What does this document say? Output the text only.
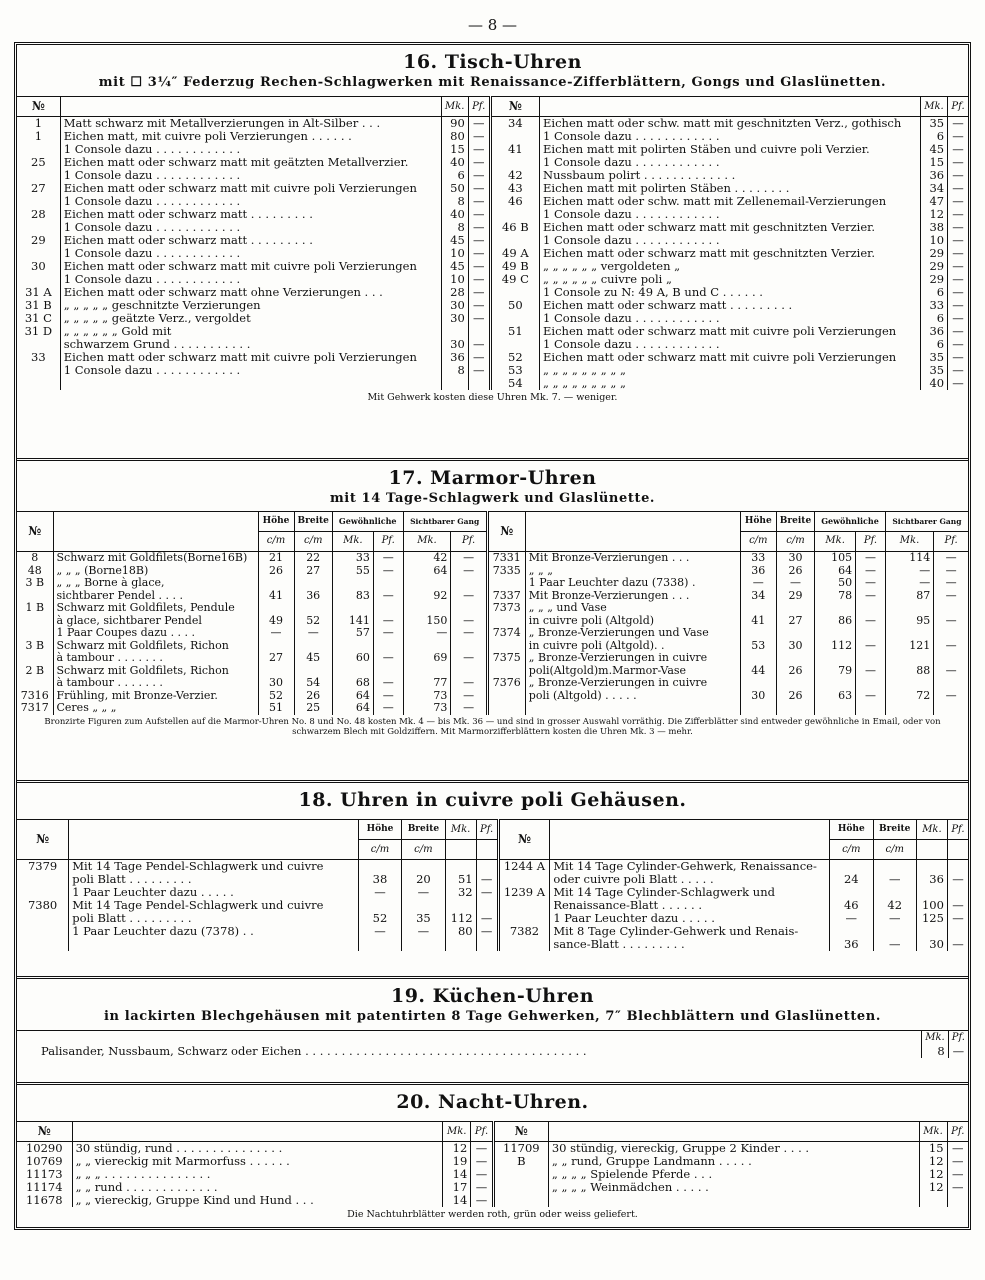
— 8 —
16. Tisch-Uhren
mit ☐ 3¼″ Federzug Rechen-Schlagwerken mit Renaissance-Zifferblättern, Gongs und Glaslünetten.
№		Mk.	Pf.	№		Mk.	Pf.
1	Matt schwarz mit Metallverzierungen in Alt-Silber . . .	90	—	34	Eichen matt oder schw. matt mit geschnitzten Verz., gothisch	35	—
1	Eichen matt, mit cuivre poli Verzierungen . . . . . .	80	—		1 Console dazu . . . . . . . . . . . .	6	—
	1 Console dazu . . . . . . . . . . . .	15	—	41	Eichen matt mit polirten Stäben und cuivre poli Verzier.	45	—
25	Eichen matt oder schwarz matt mit geätzten Metallverzier.	40	—		1 Console dazu . . . . . . . . . . . .	15	—
	1 Console dazu . . . . . . . . . . . .	6	—	42	Nussbaum polirt . . . . . . . . . . . . .	36	—
27	Eichen matt oder schwarz matt mit cuivre poli Verzierungen	50	—	43	Eichen matt mit polirten Stäben . . . . . . . .	34	—
	1 Console dazu . . . . . . . . . . . .	8	—	46	Eichen matt oder schw. matt mit Zellenemail-Verzierungen	47	—
28	Eichen matt oder schwarz matt . . . . . . . . .	40	—		1 Console dazu . . . . . . . . . . . .	12	—
	1 Console dazu . . . . . . . . . . . .	8	—	46 B	Eichen matt oder schwarz matt mit geschnitzten Verzier.	38	—
29	Eichen matt oder schwarz matt . . . . . . . . .	45	—		1 Console dazu . . . . . . . . . . . .	10	—
	1 Console dazu . . . . . . . . . . . .	10	—	49 A	Eichen matt oder schwarz matt mit geschnitzten Verzier.	29	—
30	Eichen matt oder schwarz matt mit cuivre poli Verzierungen	45	—	49 B	„ „ „ „ „ „ vergoldeten „	29	—
	1 Console dazu . . . . . . . . . . . .	10	—	49 C	„ „ „ „ „ „ cuivre poli „	29	—
31 A	Eichen matt oder schwarz matt ohne Verzierungen . . .	28	—		1 Console zu N: 49 A, B und C . . . . . .	6	—
31 B	„ „ „ „ „ geschnitzte Verzierungen	30	—	50	Eichen matt oder schwarz matt . . . . . . . . .	33	—
31 C	„ „ „ „ „ geätzte Verz., vergoldet	30	—		1 Console dazu . . . . . . . . . . . .	6	—
31 D	„ „ „ „ „ „ Gold mit			51	Eichen matt oder schwarz matt mit cuivre poli Verzierungen	36	—
	schwarzem Grund . . . . . . . . . . .	30	—		1 Console dazu . . . . . . . . . . . .	6	—
33	Eichen matt oder schwarz matt mit cuivre poli Verzierungen	36	—	52	Eichen matt oder schwarz matt mit cuivre poli Verzierungen	35	—
	1 Console dazu . . . . . . . . . . . .	8	—	53	„ „ „ „ „ „ „ „ „	35	—
				54	„ „ „ „ „ „ „ „ „	40	—
Mit Gehwerk kosten diese Uhren Mk. 7. — weniger.
17. Marmor-Uhren
mit 14 Tage-Schlagwerk und Glaslünette.
№		Höhe	Breite	Gewöhnliche		Sichtbarer Gang		№		Höhe	Breite	Gewöhnliche		Sichtbarer Gang	
		c/m	c/m	Mk.	Pf.	Mk.	Pf.			c/m	c/m	Mk.	Pf.	Mk.	Pf.
8	Schwarz mit Goldfilets(Borne16B)	21	22	33	—	42	—	7331	Mit Bronze-Verzierungen . . .	33	30	105	—	114	—
48	„ „ „ (Borne18B)	26	27	55	—	64	—	7335	„ „ „	36	26	64	—	—	—
3 B	„ „ „ Borne à glace,								1 Paar Leuchter dazu (7338) .	—	—	50	—	—	—
	sichtbarer Pendel . . . .	41	36	83	—	92	—	7337	Mit Bronze-Verzierungen . . .	34	29	78	—	87	—
1 B	Schwarz mit Goldfilets, Pendule							7373	„ „ „ und Vase						
	à glace, sichtbarer Pendel	49	52	141	—	150	—		in cuivre poli (Altgold)	41	27	86	—	95	—
	1 Paar Coupes dazu . . . .	—	—	57	—	—	—	7374	„ Bronze-Verzierungen und Vase						
3 B	Schwarz mit Goldfilets, Richon								in cuivre poli (Altgold). .	53	30	112	—	121	—
	à tambour . . . . . . .	27	45	60	—	69	—	7375	„ Bronze-Verzierungen in cuivre						
2 B	Schwarz mit Goldfilets, Richon								poli(Altgold)m.Marmor-Vase	44	26	79	—	88	—
	à tambour . . . . . . .	30	54	68	—	77	—	7376	„ Bronze-Verzierungen in cuivre						
7316	Frühling, mit Bronze-Verzier.	52	26	64	—	73	—		poli (Altgold) . . . . .	30	26	63	—	72	—
7317	Ceres „ „ „	51	25	64	—	73	—								
Bronzirte Figuren zum Aufstellen auf die Marmor-Uhren No. 8 und No. 48 kosten Mk. 4 — bis Mk. 36 — und sind in grosser Auswahl vorräthig. Die Zifferblätter sind entweder gewöhnliche in Email, oder von schwarzem Blech mit Goldziffern. Mit Marmorzifferblättern kosten die Uhren Mk. 3 — mehr.
18. Uhren in cuivre poli Gehäusen.
№		Höhe	Breite	Mk.	Pf.	№		Höhe	Breite	Mk.	Pf.
		c/m	c/m					c/m	c/m		
7379	Mit 14 Tage Pendel-Schlagwerk und cuivre					1244 A	Mit 14 Tage Cylinder-Gehwerk, Renaissance-				
	poli Blatt . . . . . . . . .	38	20	51	—		oder cuivre poli Blatt . . . . .	24	—	36	—
	1 Paar Leuchter dazu . . . . .	—	—	32	—	1239 A	Mit 14 Tage Cylinder-Schlagwerk und				
7380	Mit 14 Tage Pendel-Schlagwerk und cuivre						Renaissance-Blatt . . . . . .	46	42	100	—
	poli Blatt . . . . . . . . .	52	35	112	—		1 Paar Leuchter dazu . . . . .	—	—	125	—
	1 Paar Leuchter dazu (7378) . .	—	—	80	—	7382	Mit 8 Tage Cylinder-Gehwerk und Renais-				
							sance-Blatt . . . . . . . . .	36	—	30	—
19. Küchen-Uhren
in lackirten Blechgehäusen mit patentirten 8 Tage Gehwerken, 7″ Blechblättern und Glaslünetten.
	Mk.	Pf.
Palisander, Nussbaum, Schwarz oder Eichen . . . . . . . . . . . . . . . . . . . . . . . . . . . . . . . . . . . . . . .	8	—
20. Nacht-Uhren.
№		Mk.	Pf.	№		Mk.	Pf.
10290	30 stündig, rund . . . . . . . . . . . . . . .	12	—	11709	30 stündig, viereckig, Gruppe 2 Kinder . . . .	15	—
10769	„ „ viereckig mit Marmorfuss . . . . . .	19	—	B	„ „ rund, Gruppe Landmann . . . . .	12	—
11173	„ „ „ . . . . . . . . . . . . . . .	14	—		„ „ „ „ Spielende Pferde . . .	12	—
11174	„ „ rund . . . . . . . . . . . . .	17	—		„ „ „ „ Weinmädchen . . . . .	12	—
11678	„ „ viereckig, Gruppe Kind und Hund . . .	14	—				
Die Nachtuhrblätter werden roth, grün oder weiss geliefert.
